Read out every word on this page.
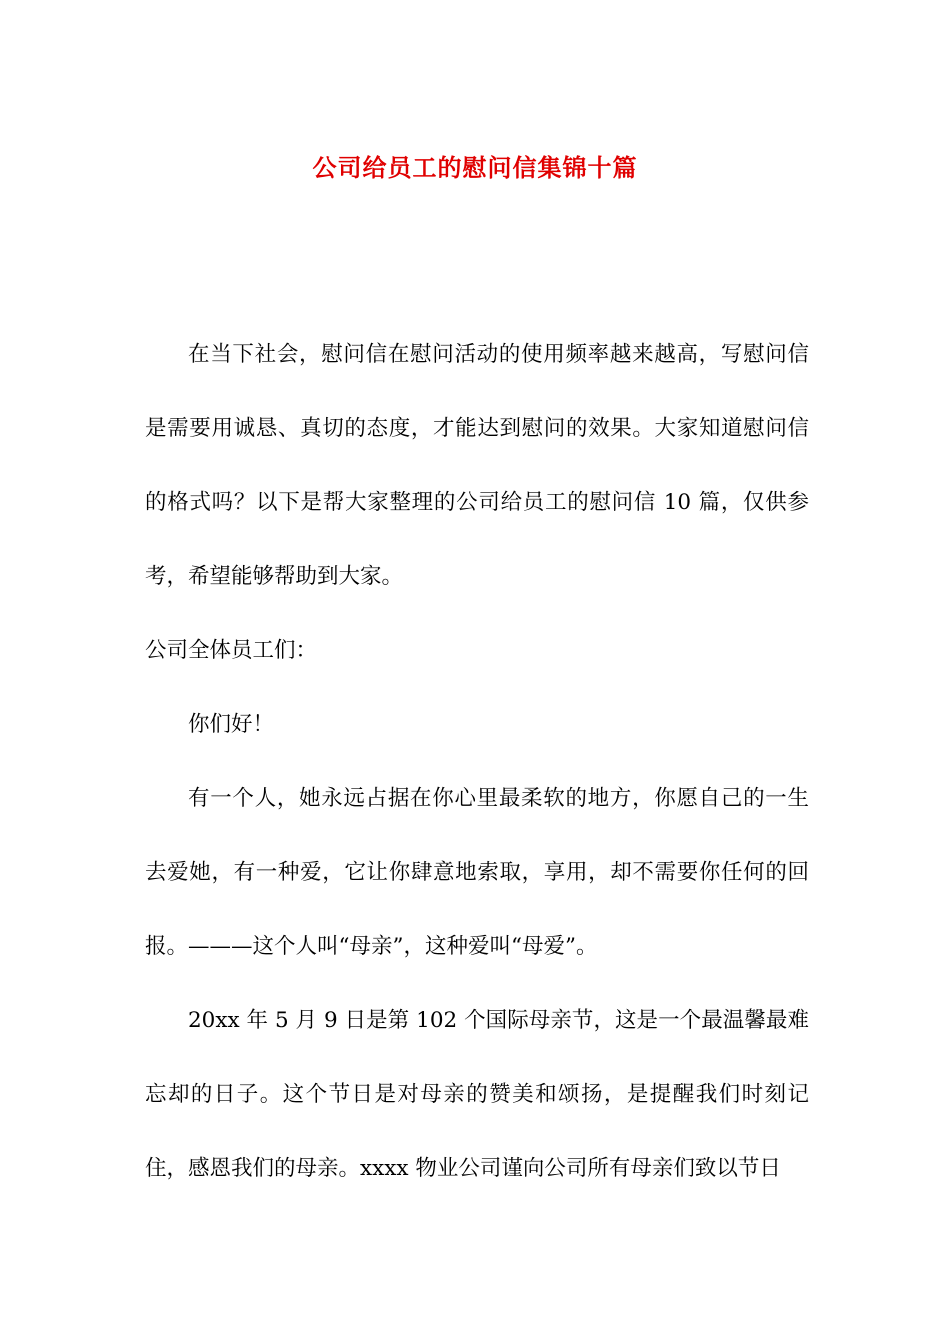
公司给员工的慰问信集锦十篇

在当下社会，慰问信在慰问活动的使用频率越来越高，写慰问信是需要用诚恳、真切的态度，才能达到慰问的效果。大家知道慰问信的格式吗？以下是帮大家整理的公司给员工的慰问信 10 篇，仅供参考，希望能够帮助到大家。

公司全体员工们：

你们好！

有一个人，她永远占据在你心里最柔软的地方，你愿自己的一生去爱她，有一种爱，它让你肆意地索取，享用，却不需要你任何的回报。———这个人叫“母亲”，这种爱叫“母爱”。

20xx 年 5 月 9 日是第 102 个国际母亲节，这是一个最温馨最难忘却的日子。这个节日是对母亲的赞美和颂扬，是提醒我们时刻记住，感恩我们的母亲。xxxx 物业公司谨向公司所有母亲们致以节日
